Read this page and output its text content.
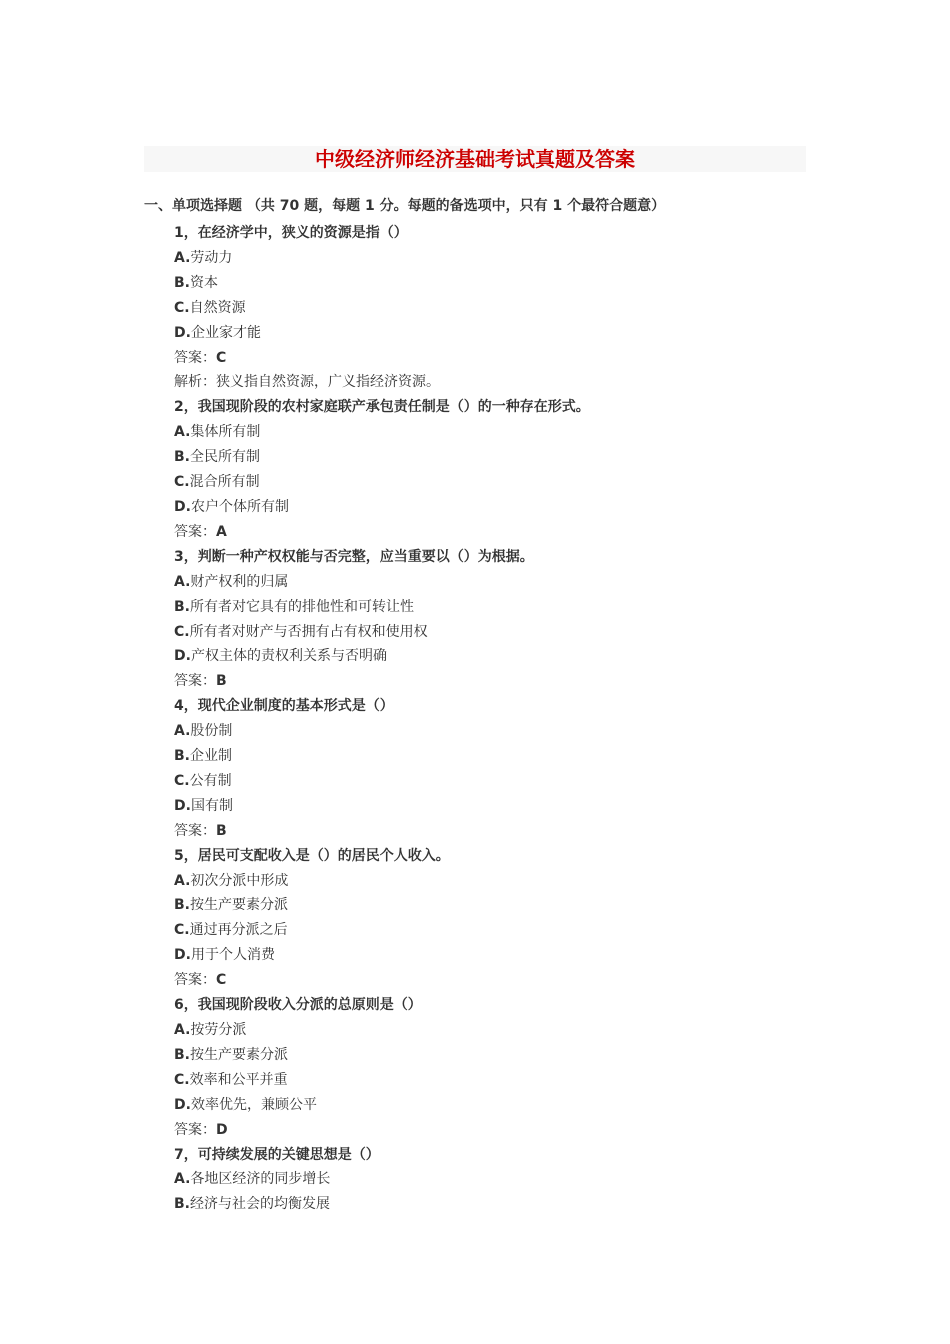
中级经济师经济基础考试真题及答案
一、单项选择题 （共 70 题，每题 1 分。每题的备选项中，只有 1 个最符合题意）
1，在经济学中，狭义的资源是指（）
A.劳动力
B.资本
C.自然资源
D.企业家才能
答案：C
解析：狭义指自然资源，广义指经济资源。
2，我国现阶段的农村家庭联产承包责任制是（）的一种存在形式。
A.集体所有制
B.全民所有制
C.混合所有制
D.农户个体所有制
答案：A
3，判断一种产权权能与否完整，应当重要以（）为根据。
A.财产权利的归属
B.所有者对它具有的排他性和可转让性
C.所有者对财产与否拥有占有权和使用权
D.产权主体的责权利关系与否明确
答案：B
4，现代企业制度的基本形式是（）
A.股份制
B.企业制
C.公有制
D.国有制
答案：B
5，居民可支配收入是（）的居民个人收入。
A.初次分派中形成
B.按生产要素分派
C.通过再分派之后
D.用于个人消费
答案：C
6，我国现阶段收入分派的总原则是（）
A.按劳分派
B.按生产要素分派
C.效率和公平并重
D.效率优先，兼顾公平
答案：D
7，可持续发展的关键思想是（）
A.各地区经济的同步增长
B.经济与社会的均衡发展
